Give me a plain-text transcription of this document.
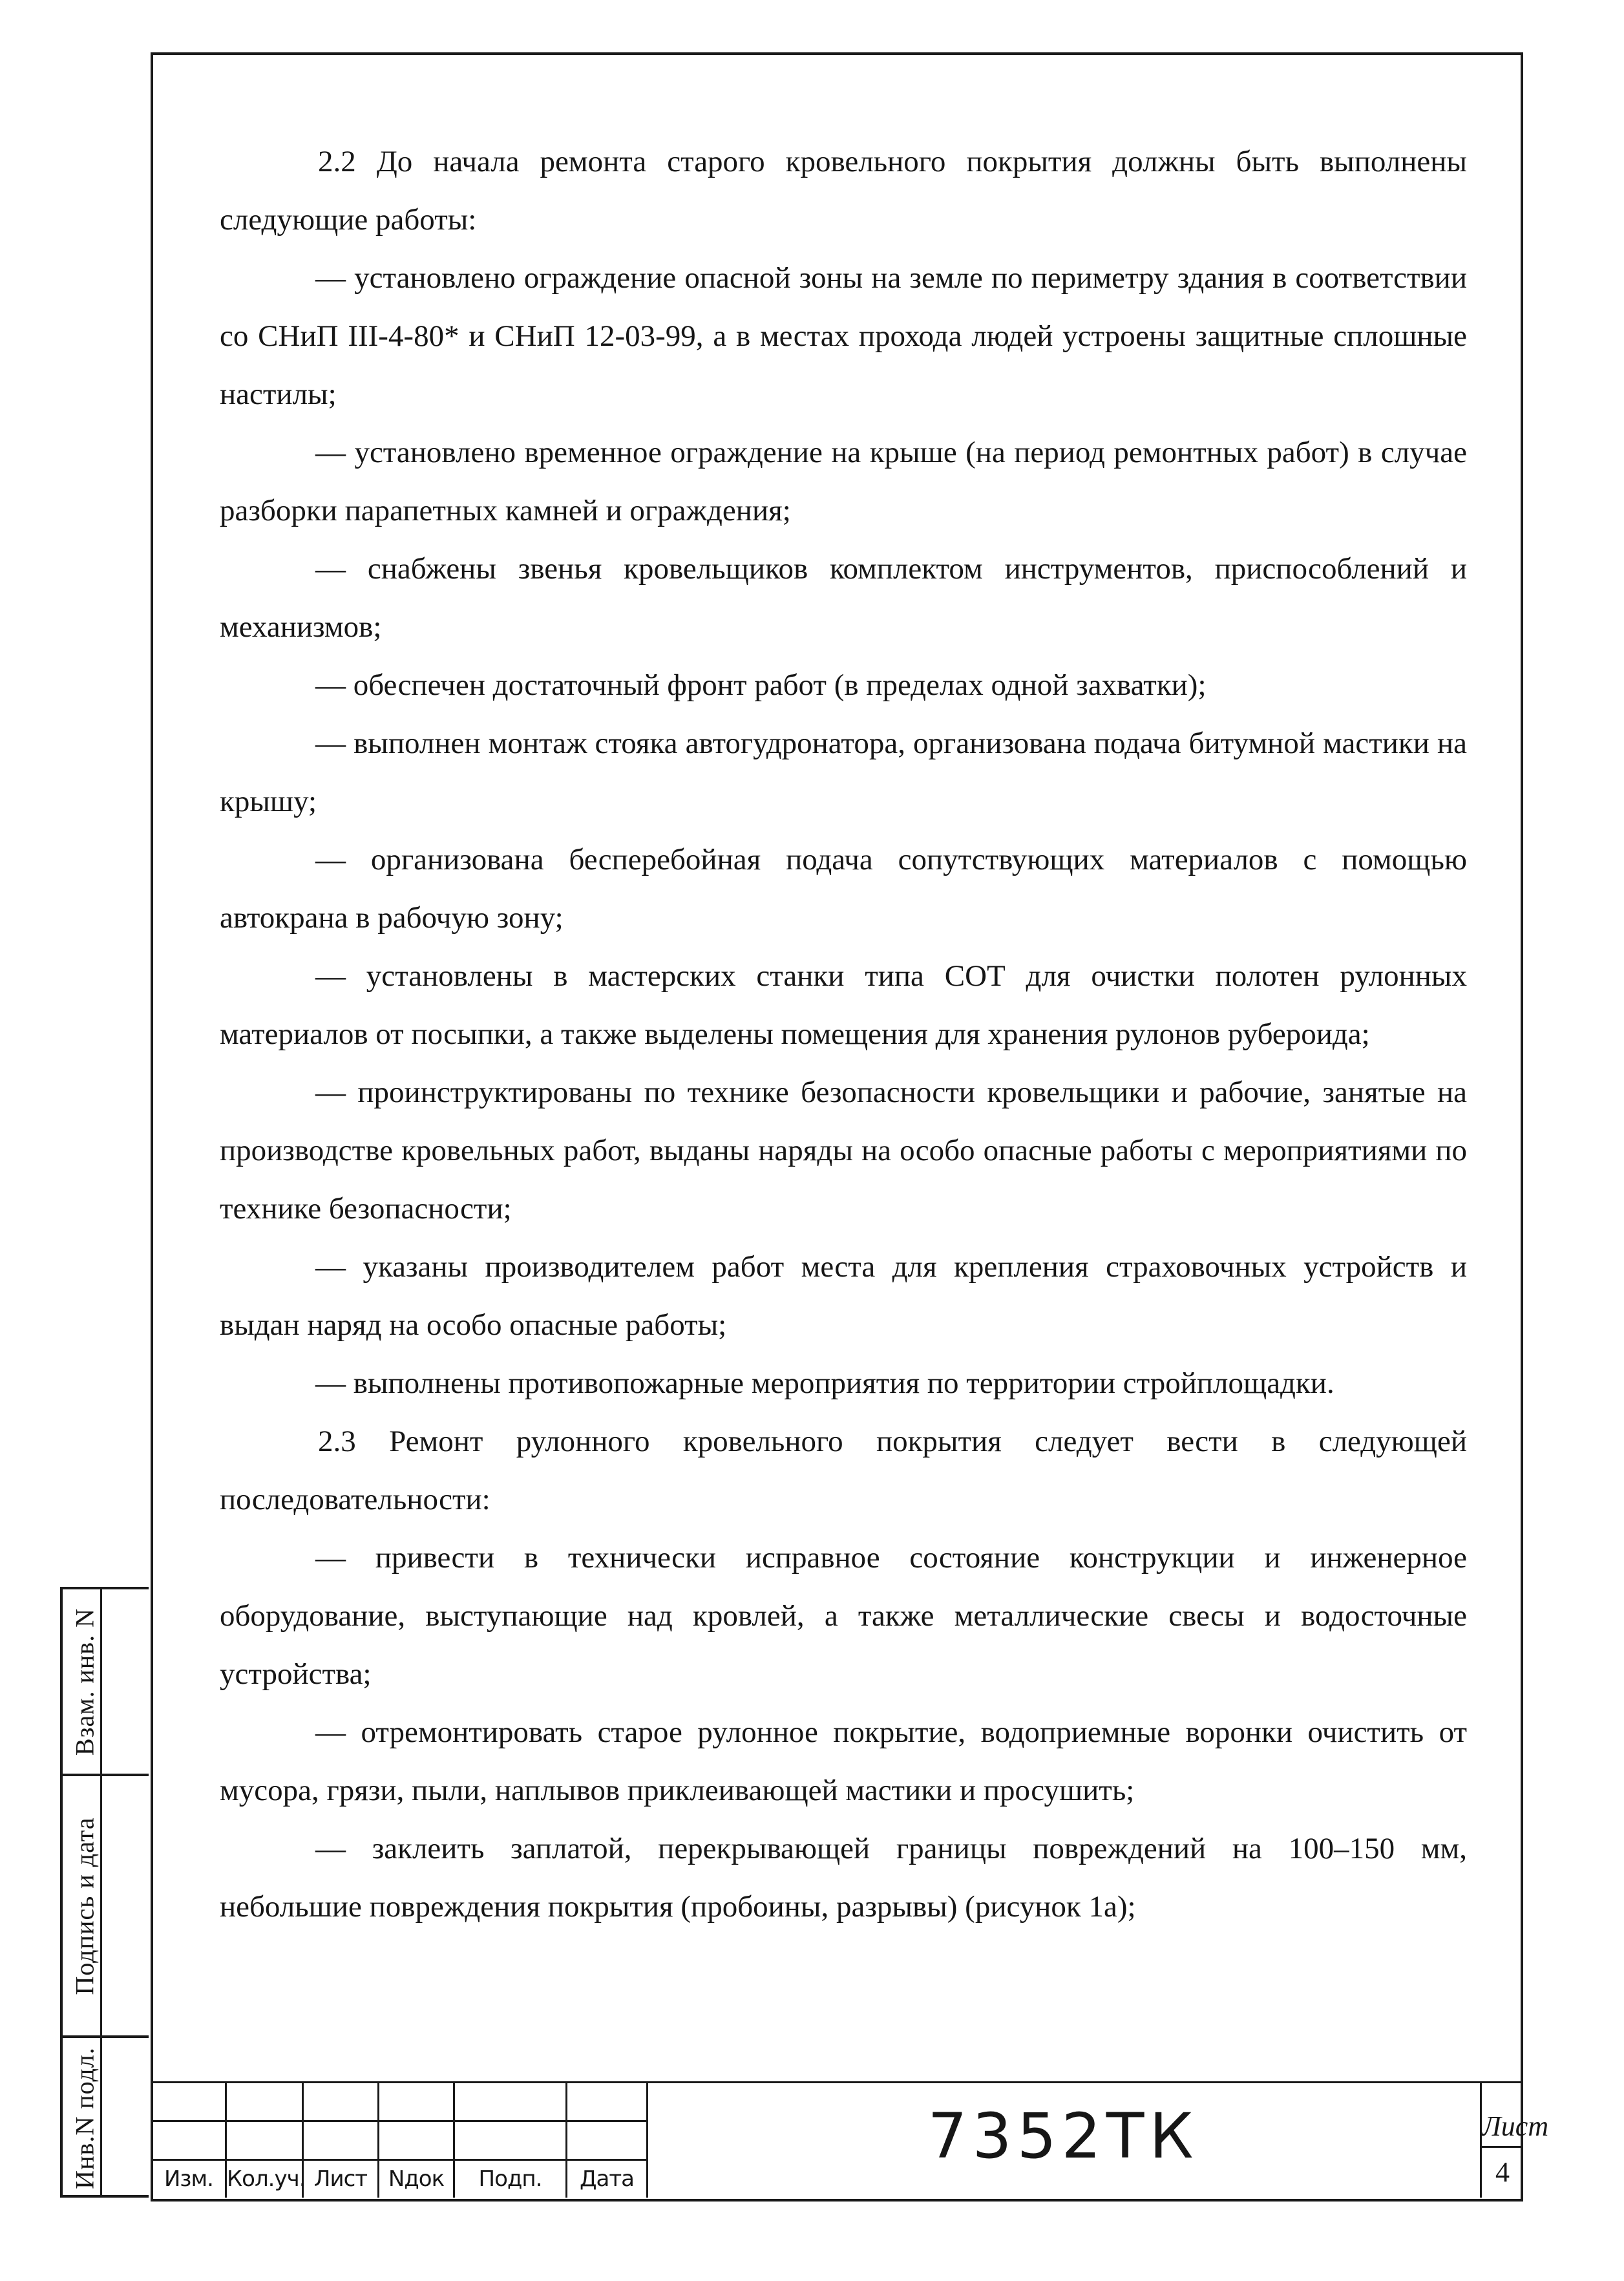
2.2 До начала ремонта старого кровельного покрытия должны быть выполнены следующие работы:

— установлено ограждение опасной зоны на земле по периметру здания в соответствии со СНиП III-4-80* и СНиП 12-03-99, а в местах прохода людей устроены защитные сплошные настилы;

— установлено временное ограждение на крыше (на период ремонтных работ) в случае разборки парапетных камней и ограждения;

— снабжены звенья кровельщиков комплектом инструментов, приспособлений и механизмов;

— обеспечен достаточный фронт работ (в пределах одной захватки);

— выполнен монтаж стояка автогудронатора, организована подача битумной мастики на крышу;

— организована бесперебойная подача сопутствующих материалов с помощью автокрана в рабочую зону;

— установлены в мастерских станки типа СОТ для очистки полотен рулонных материалов от посыпки, а также выделены помещения для хранения рулонов рубероида;

— проинструктированы по технике безопасности кровельщики и рабочие, занятые на производстве кровельных работ, выданы наряды на особо опасные работы с мероприятиями по технике безопасности;

— указаны производителем работ места для крепления страховочных устройств и выдан наряд на особо опасные работы;

— выполнены противопожарные мероприятия по территории стройплощадки.

2.3 Ремонт рулонного кровельного покрытия следует вести в следующей последовательности:

— привести в технически исправное состояние конструкции и инженерное оборудование, выступающие над кровлей, а также металлические свесы и водосточные устройства;

— отремонтировать старое рулонное покрытие, водоприемные воронки очистить от мусора, грязи, пыли, наплывов приклеивающей мастики и просушить;

— заклеить заплатой, перекрывающей границы повреждений на 100–150 мм, небольшие повреждения покрытия (пробоины, разрывы) (рисунок 1а);

Взам. инв. N
Подпись и дата
Инв.N подл.	Изм. Кол.уч. Лист Nдок	Подп.	Дата
7352ТК	Лист
4
